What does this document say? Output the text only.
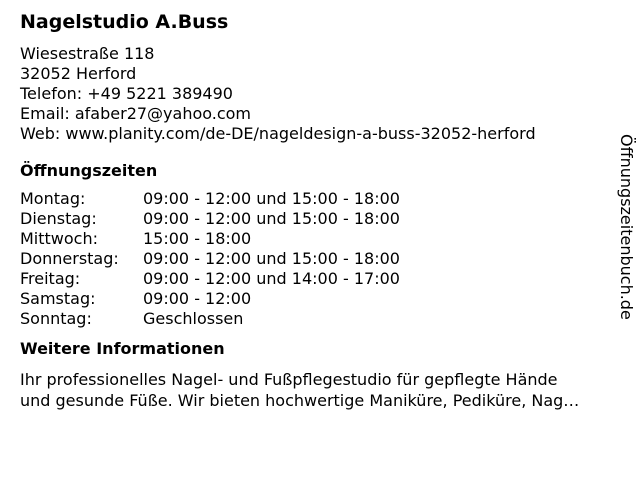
Nagelstudio A.Buss
Wiesestraße 118
32052 Herford
Telefon: +49 5221 389490
Email: afaber27@yahoo.com
Web: www.planity.com/de-DE/nageldesign-a-buss-32052-herford
Öffnungszeiten
Montag:	09:00 - 12:00 und 15:00 - 18:00
Dienstag:	09:00 - 12:00 und 15:00 - 18:00
Mittwoch:	15:00 - 18:00
Donnerstag:	09:00 - 12:00 und 15:00 - 18:00
Freitag:	09:00 - 12:00 und 14:00 - 17:00
Samstag:	09:00 - 12:00
Sonntag:	Geschlossen
Weitere Informationen
Ihr professionelles Nagel- und Fußpflegestudio für gepflegte Hände
und gesunde Füße. Wir bieten hochwertige Maniküre, Pediküre, Nag…
Öffnungszeitenbuch.de
